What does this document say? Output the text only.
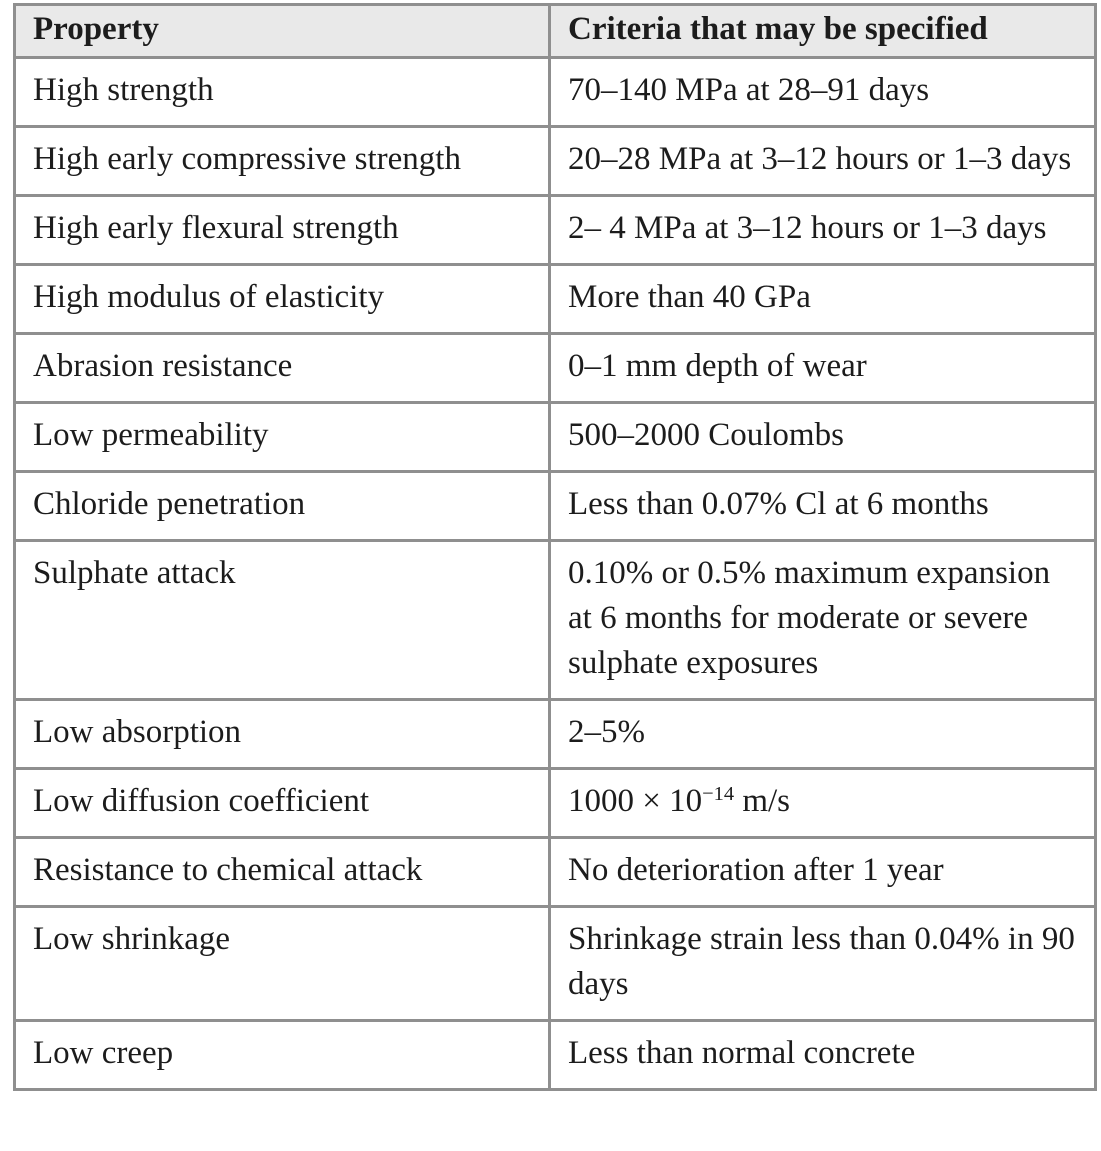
Property	Criteria that may be specified
High strength	70–140 MPa at 28–91 days
High early compressive strength	20–28 MPa at 3–12 hours or 1–3 days
High early flexural strength	2– 4 MPa at 3–12 hours or 1–3 days
High modulus of elasticity	More than 40 GPa
Abrasion resistance	0–1 mm depth of wear
Low permeability	500–2000 Coulombs
Chloride penetration	Less than 0.07% Cl at 6 months
Sulphate attack	0.10% or 0.5% maximum expansion at 6 months for moderate or severe sulphate exposures
Low absorption	2–5%
Low diffusion coefficient	$1000 \times 10^{-14}$ m/s
Resistance to chemical attack	No deterioration after 1 year
Low shrinkage	Shrinkage strain less than 0.04% in 90 days
Low creep	Less than normal concrete
